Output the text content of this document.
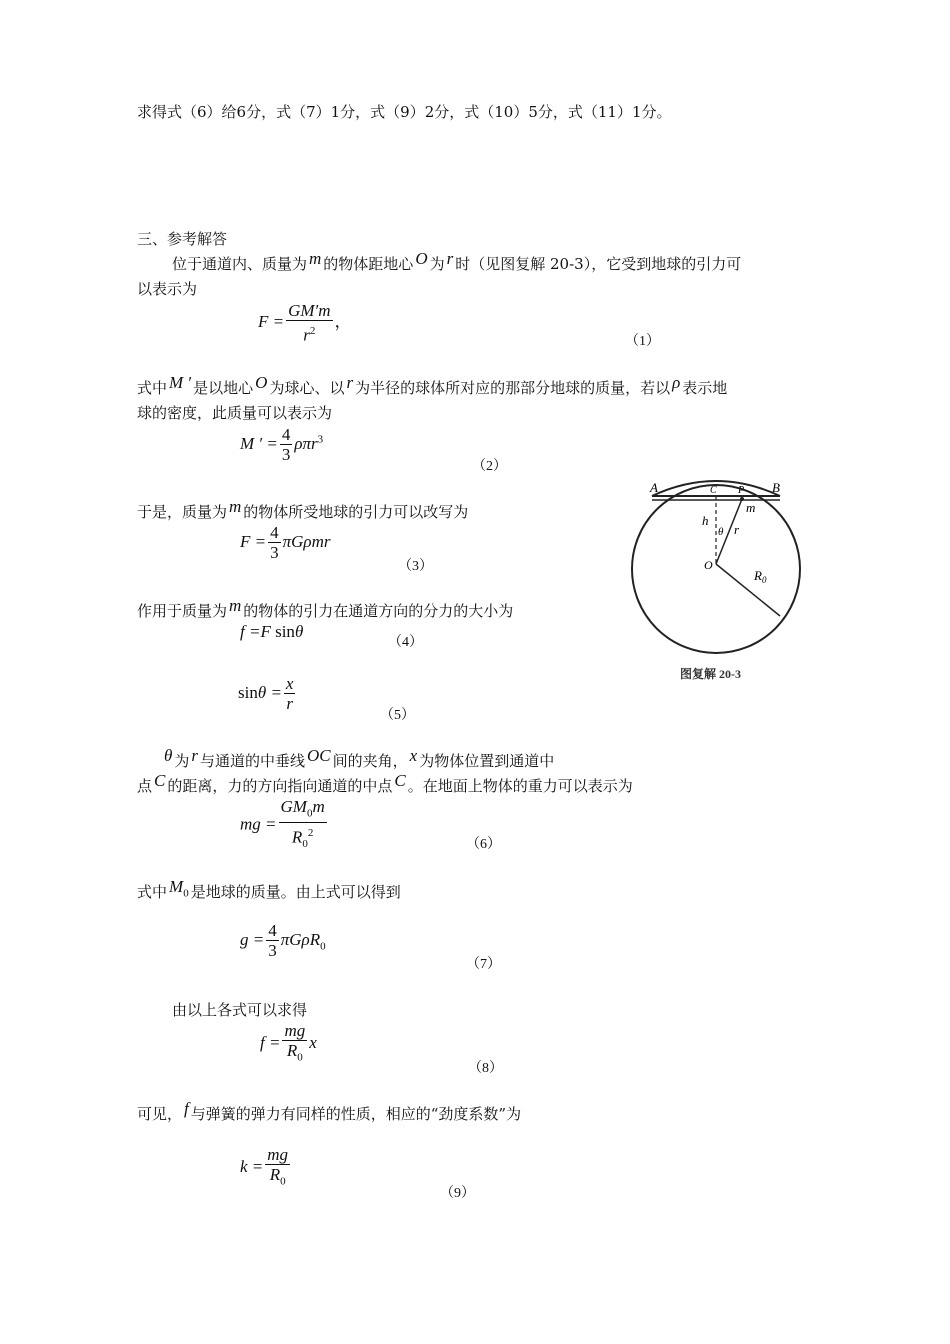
求得式（6）给6分，式（7）1分，式（9）2分，式（10）5分，式（11）1分。
三、参考解答
位于通道内、质量为 m 的物体距地心 O 为 r 时（见图复解 20-3），它受到地球的引力可
以表示为
$F = \frac{GM'm}{r^2}$ ，
（1）
式中 M ′ 是以地心 O 为球心、以 r 为半径的球体所对应的那部分地球的质量，若以 ρ 表示地
球的密度，此质量可以表示为
M ′ = $\frac{4}{3} \rho\pi r^3$
（2）
于是，质量为 m 的物体所受地球的引力可以改写为
$F = \frac{4}{3}$ πGρmr
（3）
作用于质量为 m 的物体的引力在通道方向的分力的大小为
f =F sinθ
（4）
$\sin\theta = \frac{x}{r}$
（5）
θ 为 r 与通道的中垂线 OC 间的夹角， x 为物体位置到通道中
点 C 的距离，力的方向指向通道的中点 C 。在地面上物体的重力可以表示为
mg = $\frac{GM_0m}{R_0^2}$	（6）
式中 $M_0$ 是地球的质量。由上式可以得到
$g = \frac{4}{3} \pi G\rho R_0$
（7）
由以上各式可以求得
$f = \frac{mg}{R_0}$ x
（8）
可见， f 与弹簧的弹力有同样的性质，相应的“劲度系数”为
$k = \frac{mg}{R_0}$
（9）
A	B
C P
m
h
θ r
O
$R_0$
图复解 20-3
